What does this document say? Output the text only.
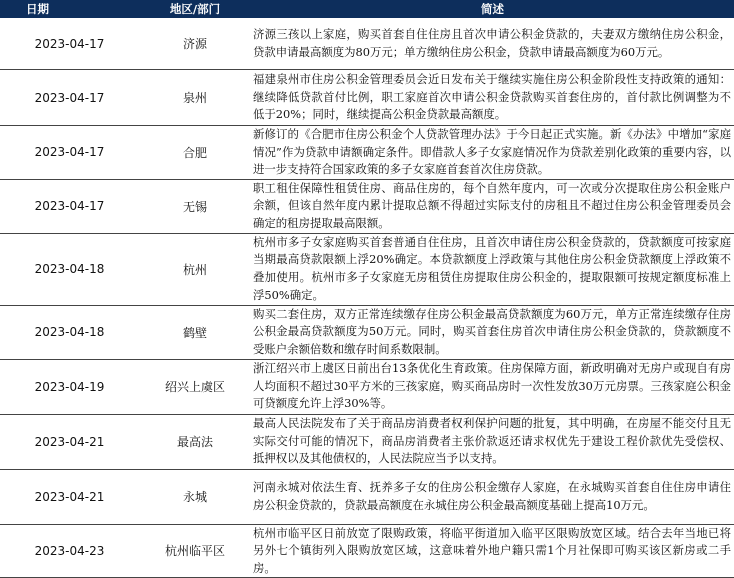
日期	地区/部门	简述
2023-04-17	济源	济源三孩以上家庭，购买首套自住住房且首次申请公积金贷款的，夫妻双方缴纳住房公积金，贷款申请最高额度为80万元；单方缴纳住房公积金，贷款申请最高额度为60万元。
2023-04-17	泉州	福建泉州市住房公积金管理委员会近日发布关于继续实施住房公积金阶段性支持政策的通知：继续降低贷款首付比例，职工家庭首次申请公积金贷款购买首套住房的，首付款比例调整为不低于20%；同时，继续提高公积金贷款最高额度。
2023-04-17	合肥	新修订的《合肥市住房公积金个人贷款管理办法》于今日起正式实施。新《办法》中增加“家庭情况”作为贷款申请额确定条件。即借款人多子女家庭情况作为贷款差别化政策的重要内容，以进一步支持符合国家政策的多子女家庭首套首次住房贷款。
2023-04-17	无锡	职工租住保障性租赁住房、商品住房的，每个自然年度内，可一次或分次提取住房公积金账户余额，但该自然年度内累计提取总额不得超过实际支付的房租且不超过住房公积金管理委员会确定的租房提取最高限额。
2023-04-18	杭州	杭州市多子女家庭购买首套普通自住住房，且首次申请住房公积金贷款的，贷款额度可按家庭当期最高贷款限额上浮20%确定。本贷款额度上浮政策与其他住房公积金贷款额度上浮政策不叠加使用。杭州市多子女家庭无房租赁住房提取住房公积金的，提取限额可按规定额度标准上浮50%确定。
2023-04-18	鹤壁	购买二套住房，双方正常连续缴存住房公积金最高贷款额度为60万元，单方正常连续缴存住房公积金最高贷款额度为50万元。同时，购买首套住房首次申请住房公积金贷款的，贷款额度不受账户余额倍数和缴存时间系数限制。
2023-04-19	绍兴上虞区	浙江绍兴市上虞区日前出台13条优化生育政策。住房保障方面，新政明确对无房户或现自有房人均面积不超过30平方米的三孩家庭，购买商品房时一次性发放30万元房票。三孩家庭公积金可贷额度允许上浮30%等。
2023-04-21	最高法	最高人民法院发布了关于商品房消费者权利保护问题的批复，其中明确，在房屋不能交付且无实际交付可能的情况下，商品房消费者主张价款返还请求权优先于建设工程价款优先受偿权、抵押权以及其他债权的，人民法院应当予以支持。
2023-04-21	永城	河南永城对依法生育、抚养多子女的住房公积金缴存人家庭，在永城购买首套自住住房申请住房公积金贷款的，贷款最高额度在永城住房公积金最高额度基础上提高10万元。
2023-04-23	杭州临平区	杭州市临平区日前放宽了限购政策，将临平街道加入临平区限购放宽区域。结合去年当地已将另外七个镇街列入限购放宽区域，这意味着外地户籍只需1个月社保即可购买该区新房或二手房。
